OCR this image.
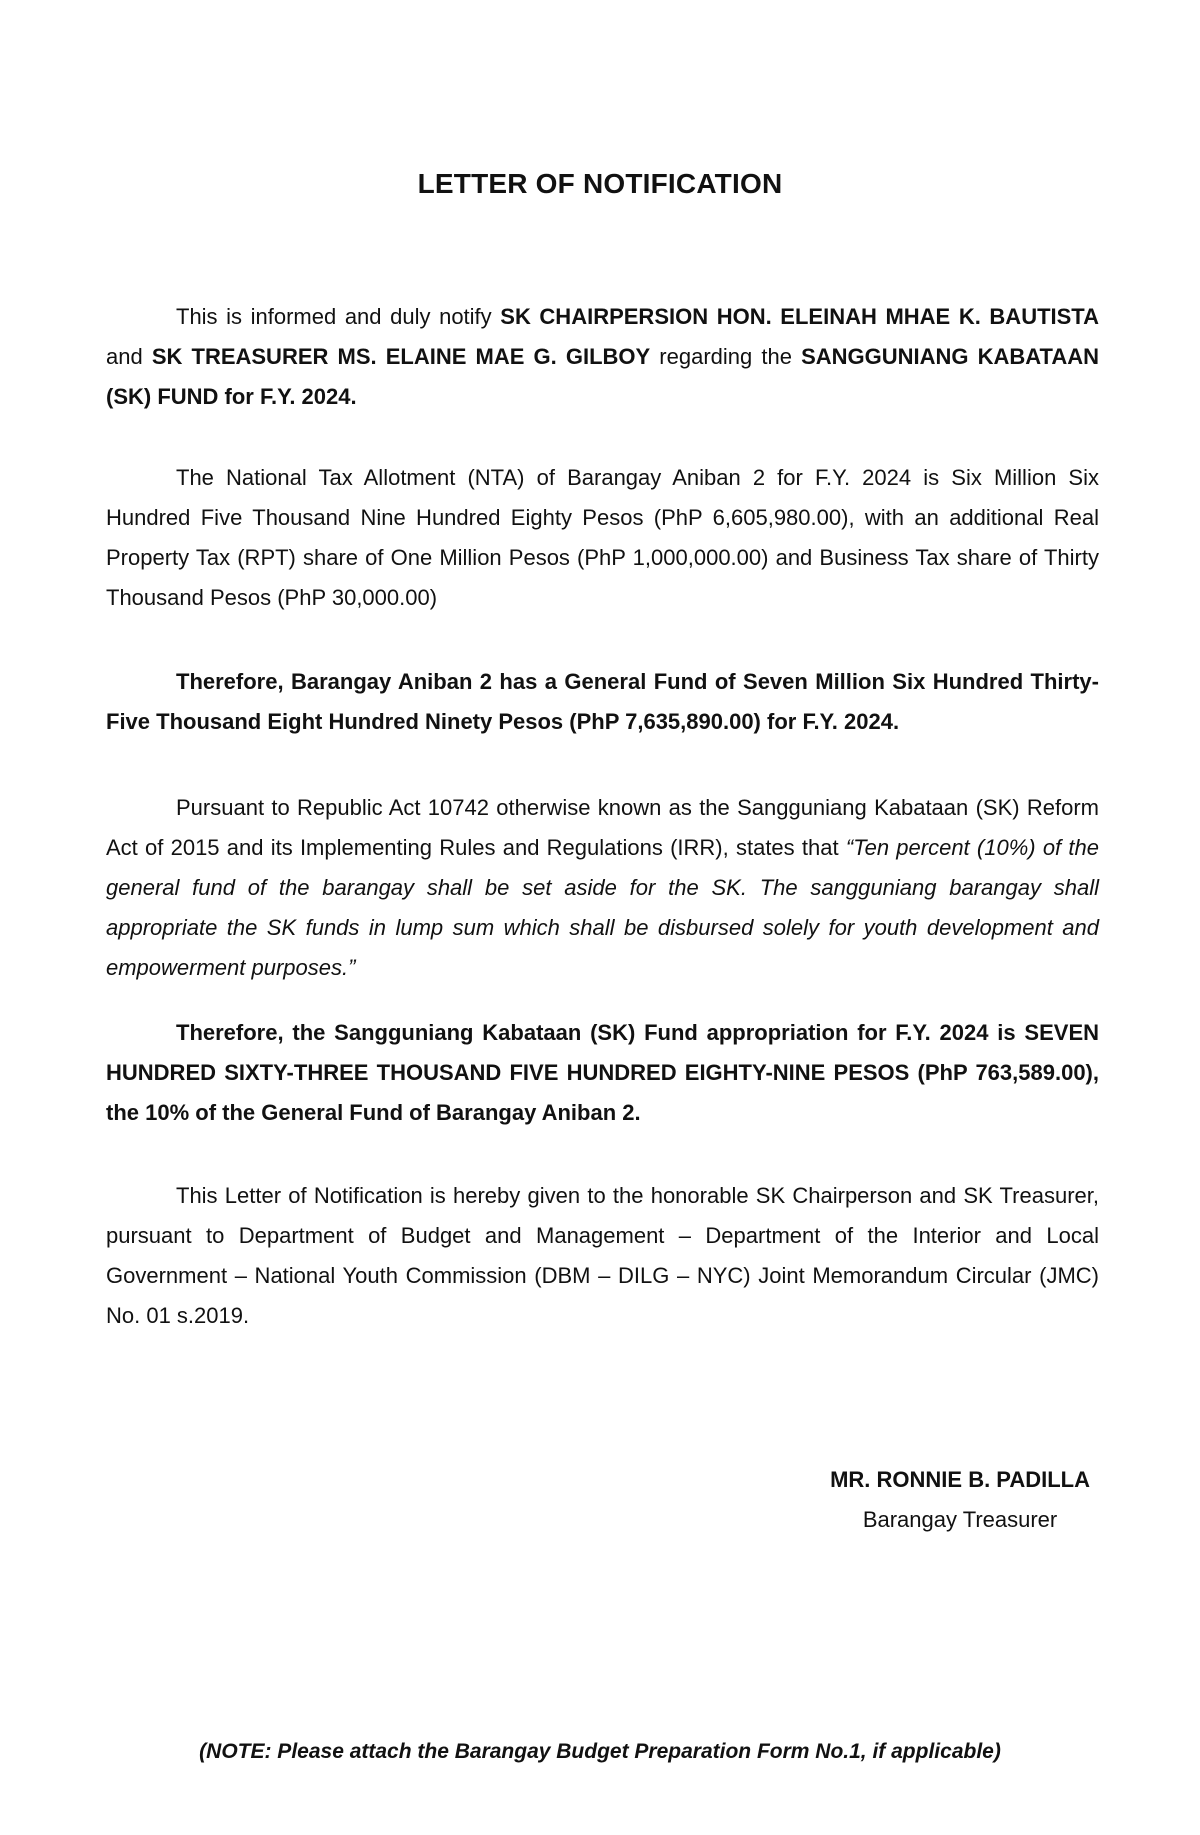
LETTER OF NOTIFICATION
This is informed and duly notify SK CHAIRPERSION HON. ELEINAH MHAE K. BAUTISTA and SK TREASURER MS. ELAINE MAE G. GILBOY regarding the SANGGUNIANG KABATAAN (SK) FUND for F.Y. 2024.
The National Tax Allotment (NTA) of Barangay Aniban 2 for F.Y. 2024 is Six Million Six Hundred Five Thousand Nine Hundred Eighty Pesos (PhP 6,605,980.00), with an additional Real Property Tax (RPT) share of One Million Pesos (PhP 1,000,000.00) and Business Tax share of Thirty Thousand Pesos (PhP 30,000.00)
Therefore, Barangay Aniban 2 has a General Fund of Seven Million Six Hundred Thirty-Five Thousand Eight Hundred Ninety Pesos (PhP 7,635,890.00) for F.Y. 2024.
Pursuant to Republic Act 10742 otherwise known as the Sangguniang Kabataan (SK) Reform Act of 2015 and its Implementing Rules and Regulations (IRR), states that “Ten percent (10%) of the general fund of the barangay shall be set aside for the SK. The sangguniang barangay shall appropriate the SK funds in lump sum which shall be disbursed solely for youth development and empowerment purposes.”
Therefore, the Sangguniang Kabataan (SK) Fund appropriation for F.Y. 2024 is SEVEN HUNDRED SIXTY-THREE THOUSAND FIVE HUNDRED EIGHTY-NINE PESOS (PhP 763,589.00), the 10% of the General Fund of Barangay Aniban 2.
This Letter of Notification is hereby given to the honorable SK Chairperson and SK Treasurer, pursuant to Department of Budget and Management – Department of the Interior and Local Government – National Youth Commission (DBM – DILG – NYC) Joint Memorandum Circular (JMC) No. 01 s.2019.
MR. RONNIE B. PADILLA
Barangay Treasurer
(NOTE: Please attach the Barangay Budget Preparation Form No.1, if applicable)
